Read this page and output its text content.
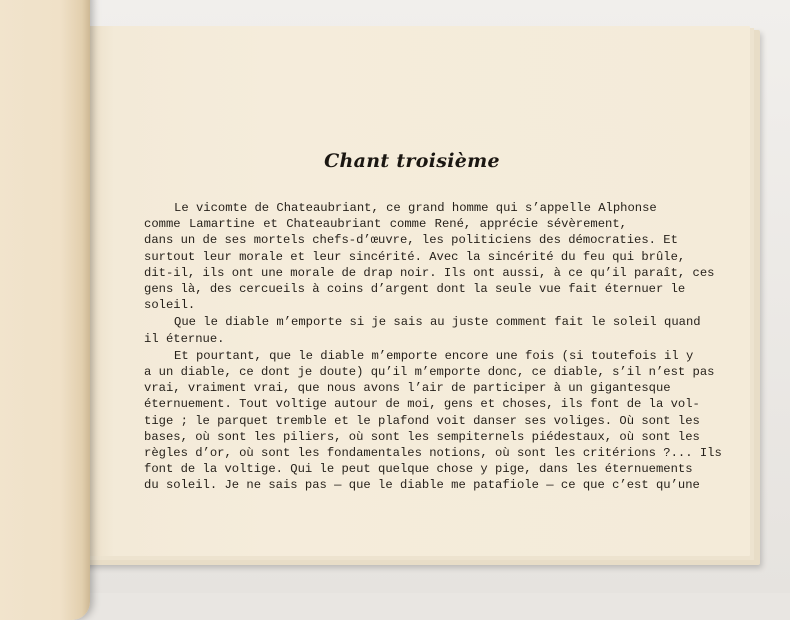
Chant troisième
Le vicomte de Chateaubriant, ce grand homme qui s’appelle Alphonse
comme Lamartine et Chateaubriant comme René, apprécie sévèrement,
dans un de ses mortels chefs-d’œuvre, les politiciens des démocraties. Et
surtout leur morale et leur sincérité. Avec la sincérité du feu qui brûle,
dit-il, ils ont une morale de drap noir. Ils ont aussi, à ce qu’il paraît, ces
gens là, des cercueils à coins d’argent dont la seule vue fait éternuer le
soleil.
Que le diable m’emporte si je sais au juste comment fait le soleil quand
il éternue.
Et pourtant, que le diable m’emporte encore une fois (si toutefois il y
a un diable, ce dont je doute) qu’il m’emporte donc, ce diable, s’il n’est pas
vrai, vraiment vrai, que nous avons l’air de participer à un gigantesque
éternuement. Tout voltige autour de moi, gens et choses, ils font de la vol-
tige ; le parquet tremble et le plafond voit danser ses voliges. Où sont les
bases, où sont les piliers, où sont les sempiternels piédestaux, où sont les
règles d’or, où sont les fondamentales notions, où sont les critérions ?... Ils
font de la voltige. Qui le peut quelque chose y pige, dans les éternuements
du soleil. Je ne sais pas — que le diable me patafiole — ce que c’est qu’une
